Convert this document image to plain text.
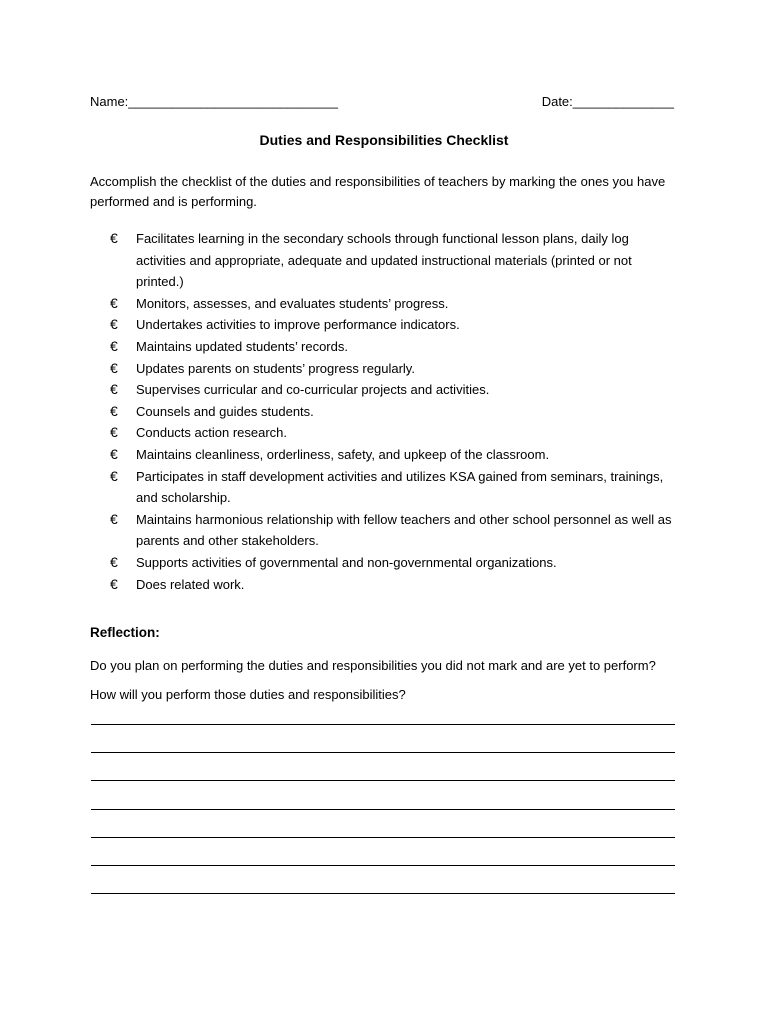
Name:_____________________________	Date:______________
Duties and Responsibilities Checklist
Accomplish the checklist of the duties and responsibilities of teachers by marking the ones you have performed and is performing.
€ Facilitates learning in the secondary schools through functional lesson plans, daily log activities and appropriate, adequate and updated instructional materials (printed or not printed.)
€ Monitors, assesses, and evaluates students’ progress.
€ Undertakes activities to improve performance indicators.
€ Maintains updated students’ records.
€ Updates parents on students’ progress regularly.
€ Supervises curricular and co-curricular projects and activities.
€ Counsels and guides students.
€ Conducts action research.
€ Maintains cleanliness, orderliness, safety, and upkeep of the classroom.
€ Participates in staff development activities and utilizes KSA gained from seminars, trainings, and scholarship.
€ Maintains harmonious relationship with fellow teachers and other school personnel as well as parents and other stakeholders.
€ Supports activities of governmental and non-governmental organizations.
€ Does related work.
Reflection:
Do you plan on performing the duties and responsibilities you did not mark and are yet to perform? How will you perform those duties and responsibilities?
